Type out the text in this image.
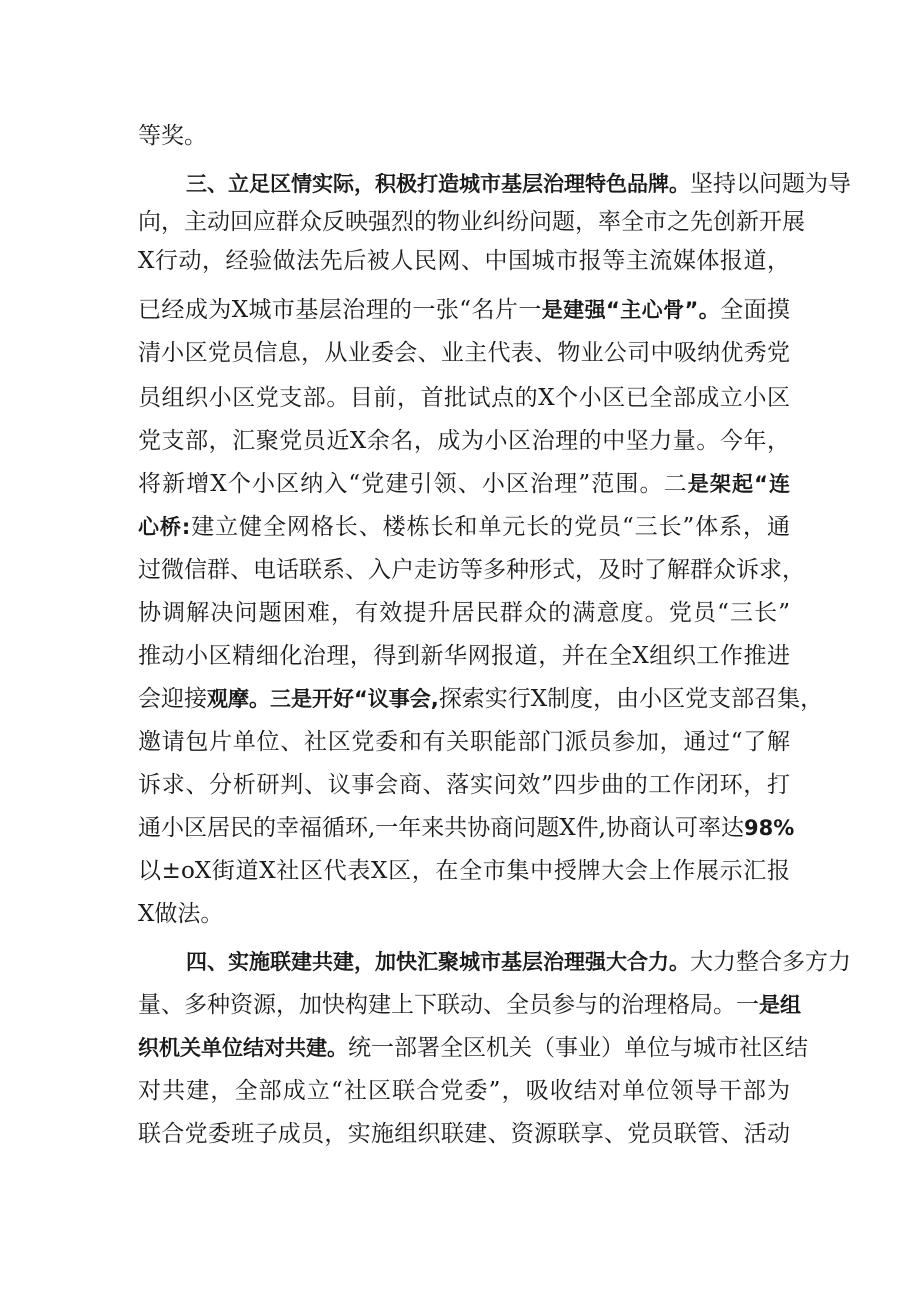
等奖。
三、立足区情实际，积极打造城市基层治理特色品牌。坚持以问题为导
向，主动回应群众反映强烈的物业纠纷问题，率全市之先创新开展
X行动，经验做法先后被人民网、中国城市报等主流媒体报道，
已经成为X城市基层治理的一张“名片一是建强“主心骨”。全面摸
清小区党员信息，从业委会、业主代表、物业公司中吸纳优秀党
员组织小区党支部。目前，首批试点的X个小区已全部成立小区
党支部，汇聚党员近X余名，成为小区治理的中坚力量。今年，
将新增X个小区纳入“党建引领、小区治理”范围。二是架起“连
心桥:建立健全网格长、楼栋长和单元长的党员“三长”体系，通
过微信群、电话联系、入户走访等多种形式，及时了解群众诉求，
协调解决问题困难，有效提升居民群众的满意度。党员“三长”
推动小区精细化治理，得到新华网报道，并在全X组织工作推进
会迎接观摩。三是开好“议事会,探索实行X制度，由小区党支部召集，
邀请包片单位、社区党委和有关职能部门派员参加，通过“了解
诉求、分析研判、议事会商、落实问效”四步曲的工作闭环，打
通小区居民的幸福循环,一年来共协商问题X件,协商认可率达98%
以±oX街道X社区代表X区，在全市集中授牌大会上作展示汇报
X做法。
四、实施联建共建，加快汇聚城市基层治理强大合力。大力整合多方力
量、多种资源，加快构建上下联动、全员参与的治理格局。一是组
织机关单位结对共建。统一部署全区机关（事业）单位与城市社区结
对共建，全部成立“社区联合党委”，吸收结对单位领导干部为
联合党委班子成员，实施组织联建、资源联享、党员联管、活动
